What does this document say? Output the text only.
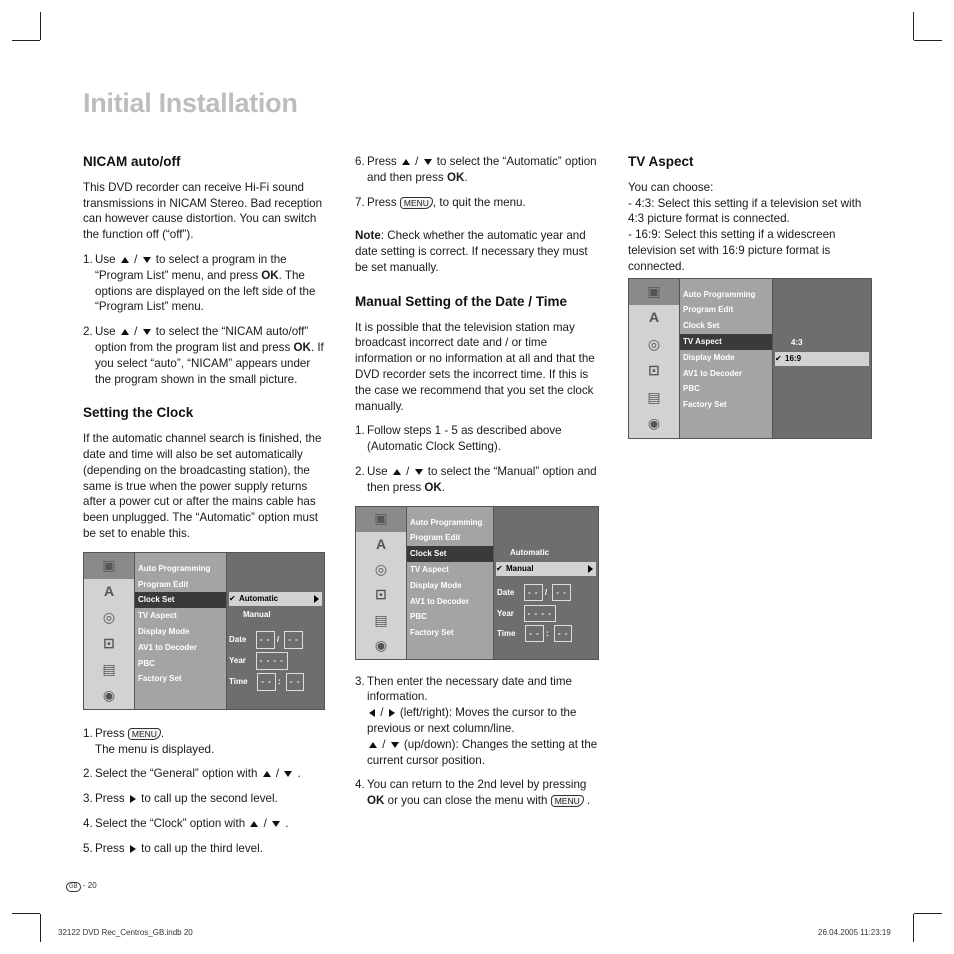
Initial Installation
NICAM auto/off

This DVD recorder can receive Hi-Fi sound transmissions in NICAM Stereo. Bad reception can however cause distortion. You can switch the function off (“off”).

1. Use  /  to select a program in the “Program List” menu, and press OK. The options are displayed on the left side of the “Program List” menu.
2. Use  /  to select the “NICAM auto/off” option from the program list and press OK. If you select “auto”, “NICAM” appears under the program shown in the small picture.
Setting the Clock

If the automatic channel search is finished, the date and time will also be set automatically (depending on the broadcasting station), the same is true when the power supply returns after a power cut or after the mains cable has been unplugged. The “Automatic” option must be set to enable this.

▣
A
◎
⊡
▤
◉
Auto Programming
Program Edit
Clock Set
TV Aspect
Display Mode
AV1 to Decoder
PBC
Factory Set
✔ Automatic
Manual
Date - - / - -
Year - - - -
Time - - : - -
1. Press MENU .
The menu is displayed.
2. Select the “General” option with  /  .
3. Press to call up the second level.
4. Select the “Clock” option with  /  .
5. Press to call up the third level.
6. Press  /  to select the “Automatic” option and then press OK.
7. Press MENU , to quit the menu.

Note: Check whether the automatic year and date setting is correct. If necessary they must be set manually.

Manual Setting of the Date / Time

It is possible that the television station may broadcast incorrect date and / or time information or no information at all and that the DVD recorder sets the incorrect time. If this is the case we recommend that you set the clock manually.

1. Follow steps 1 - 5 as described above (Automatic Clock Setting).
2. Use  /  to select the “Manual” option and then press OK.
▣
A
◎
⊡
▤
◉
Auto Programming
Program Edit
Clock Set
TV Aspect
Display Mode
AV1 to Decoder
PBC
Factory Set
Automatic
✔ Manual
Date - - / - -
Year - - - -
Time - - : - -
3. Then enter the necessary date and time information.
/  (left/right): Moves the cursor to the previous or next column/line.
/  (up/down): Changes the setting at the current cursor position.
4. You can return to the 2nd level by pressing OK or you can close the menu with MENU .
TV Aspect
You can choose:
- 4:3: Select this setting if a television set with 4:3 picture format is connected.
- 16:9: Select this setting if a widescreen television set with 16:9 picture format is connected.
▣
A
◎
⊡
▤
◉
Auto Programming
Program Edit
Clock Set
TV Aspect
Display Mode
AV1 to Decoder
PBC
Factory Set
4:3
✔ 16:9
GB - 20
32122 DVD Rec_Centros_GB.indb 20	26.04.2005 11:23:19
